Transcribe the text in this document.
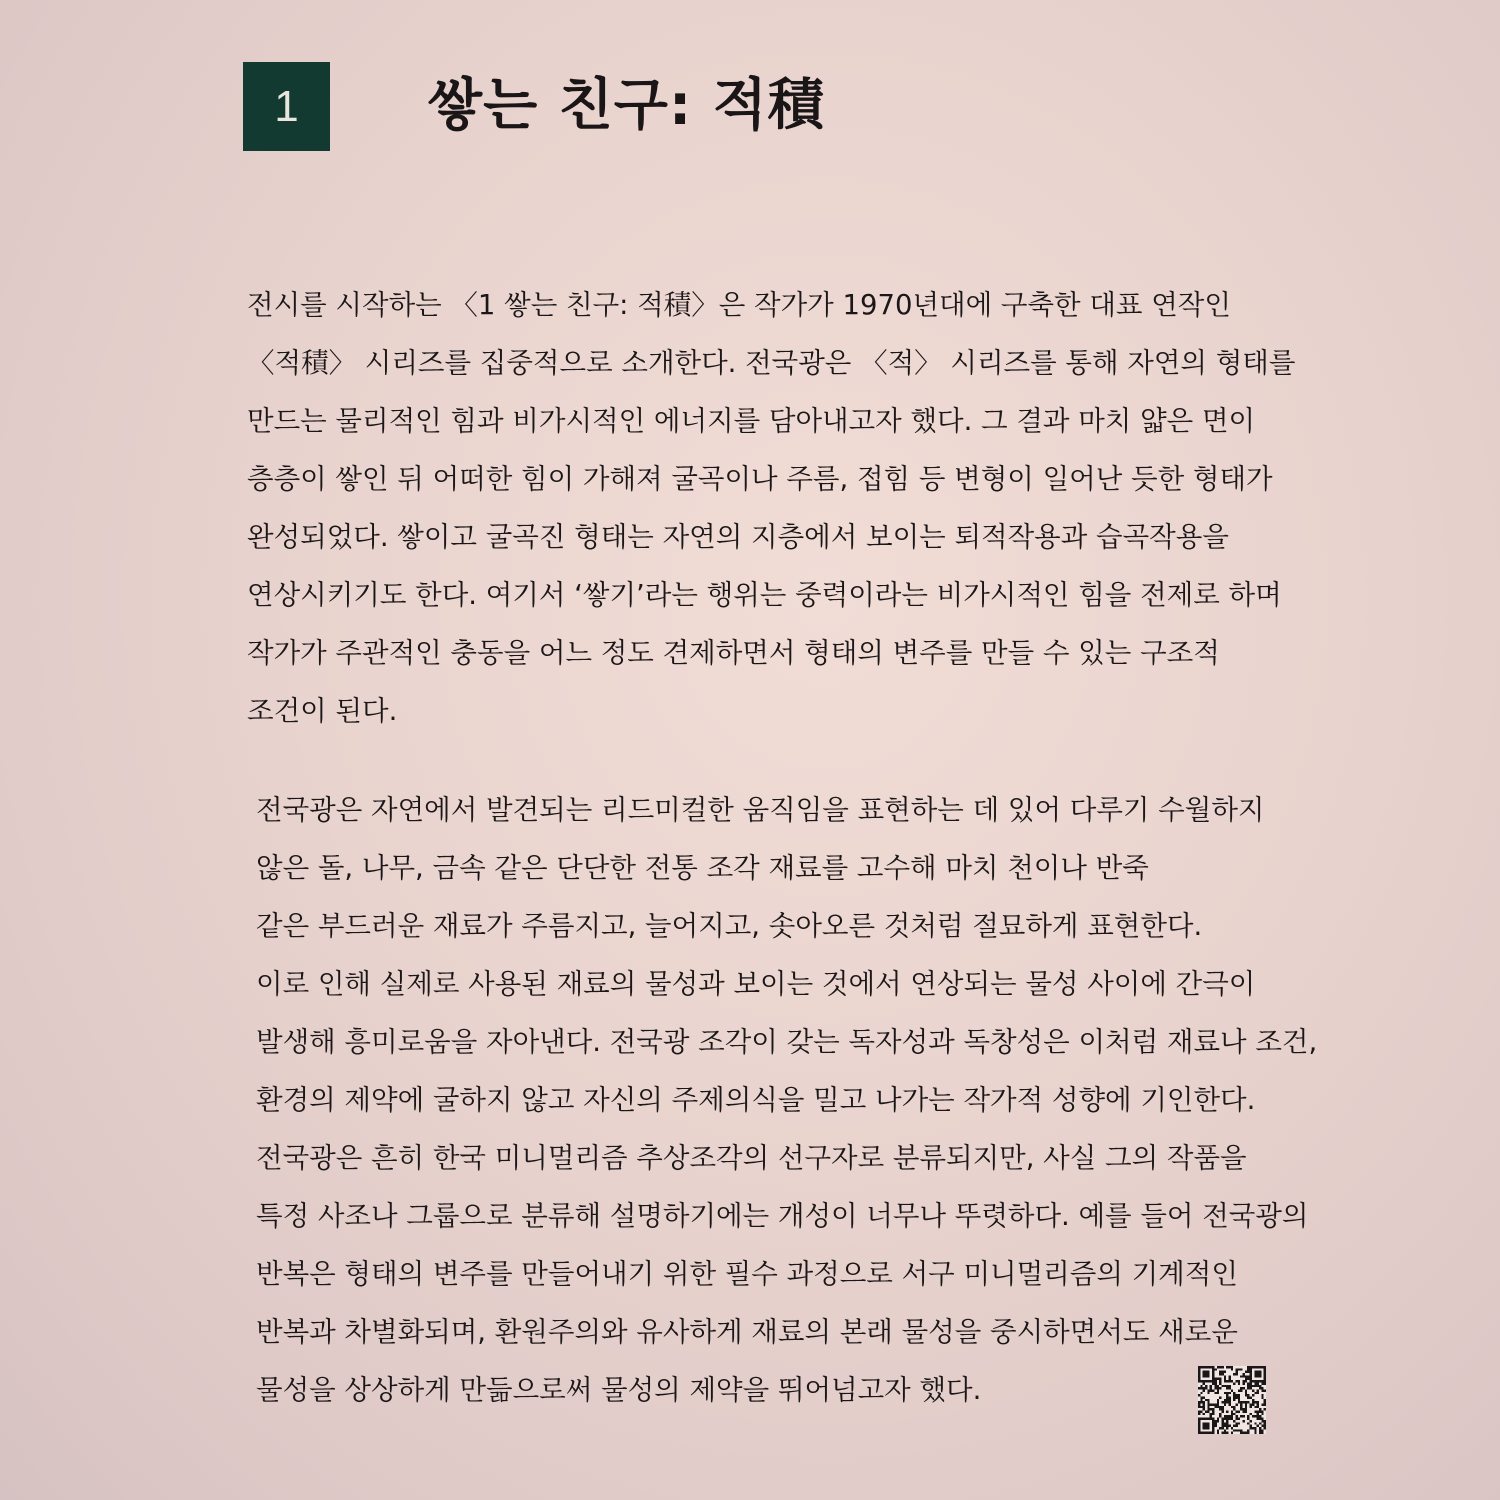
1 쌓는 친구: 적積
전시를 시작하는 〈1 쌓는 친구: 적積〉은 작가가 1970년대에 구축한 대표 연작인
〈적積〉 시리즈를 집중적으로 소개한다. 전국광은 〈적〉 시리즈를 통해 자연의 형태를
만드는 물리적인 힘과 비가시적인 에너지를 담아내고자 했다. 그 결과 마치 얇은 면이
층층이 쌓인 뒤 어떠한 힘이 가해져 굴곡이나 주름, 접힘 등 변형이 일어난 듯한 형태가
완성되었다. 쌓이고 굴곡진 형태는 자연의 지층에서 보이는 퇴적작용과 습곡작용을
연상시키기도 한다. 여기서 ‘쌓기’라는 행위는 중력이라는 비가시적인 힘을 전제로 하며
작가가 주관적인 충동을 어느 정도 견제하면서 형태의 변주를 만들 수 있는 구조적
조건이 된다.
전국광은 자연에서 발견되는 리드미컬한 움직임을 표현하는 데 있어 다루기 수월하지
않은 돌, 나무, 금속 같은 단단한 전통 조각 재료를 고수해 마치 천이나 반죽
같은 부드러운 재료가 주름지고, 늘어지고, 솟아오른 것처럼 절묘하게 표현한다.
이로 인해 실제로 사용된 재료의 물성과 보이는 것에서 연상되는 물성 사이에 간극이
발생해 흥미로움을 자아낸다. 전국광 조각이 갖는 독자성과 독창성은 이처럼 재료나 조건,
환경의 제약에 굴하지 않고 자신의 주제의식을 밀고 나가는 작가적 성향에 기인한다.
전국광은 흔히 한국 미니멀리즘 추상조각의 선구자로 분류되지만, 사실 그의 작품을
특정 사조나 그룹으로 분류해 설명하기에는 개성이 너무나 뚜렷하다. 예를 들어 전국광의
반복은 형태의 변주를 만들어내기 위한 필수 과정으로 서구 미니멀리즘의 기계적인
반복과 차별화되며, 환원주의와 유사하게 재료의 본래 물성을 중시하면서도 새로운
물성을 상상하게 만듦으로써 물성의 제약을 뛰어넘고자 했다.
